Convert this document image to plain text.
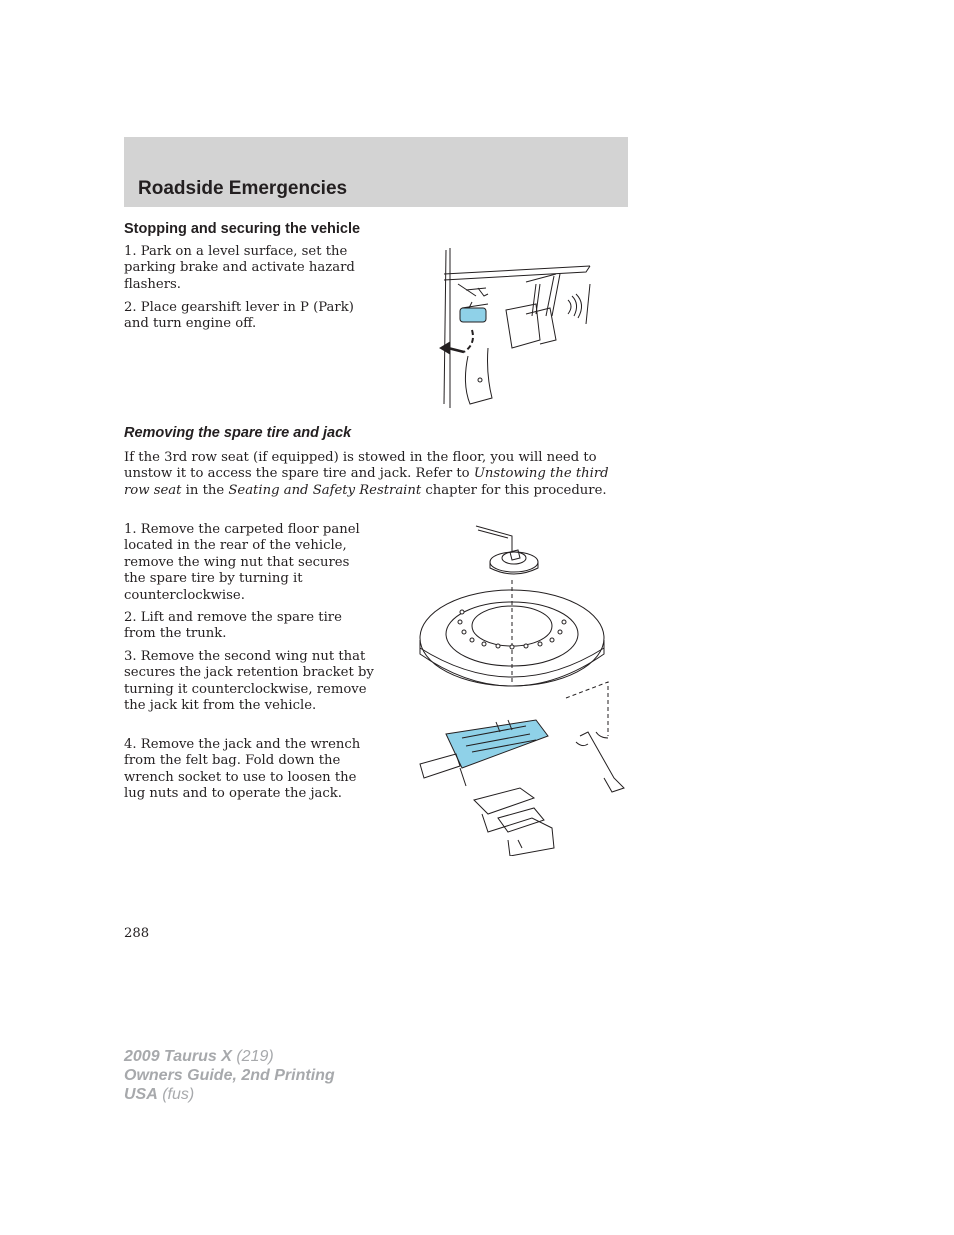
Roadside Emergencies
Stopping and securing the vehicle

1. Park on a level surface, set the parking brake and activate hazard flashers.

2. Place gearshift lever in P (Park) and turn engine off.

Removing the spare tire and jack

If the 3rd row seat (if equipped) is stowed in the floor, you will need to unstow it to access the spare tire and jack. Refer to Unstowing the third row seat in the Seating and Safety Restraint chapter for this procedure.

1. Remove the carpeted floor panel located in the rear of the vehicle, remove the wing nut that secures the spare tire by turning it counterclockwise.

2. Lift and remove the spare tire from the trunk.

3. Remove the second wing nut that secures the jack retention bracket by turning it counterclockwise, remove the jack kit from the vehicle.

4. Remove the jack and the wrench from the felt bag. Fold down the wrench socket to use to loosen the lug nuts and to operate the jack.

288

2009 Taurus X (219)
Owners Guide, 2nd Printing
USA (fus)
